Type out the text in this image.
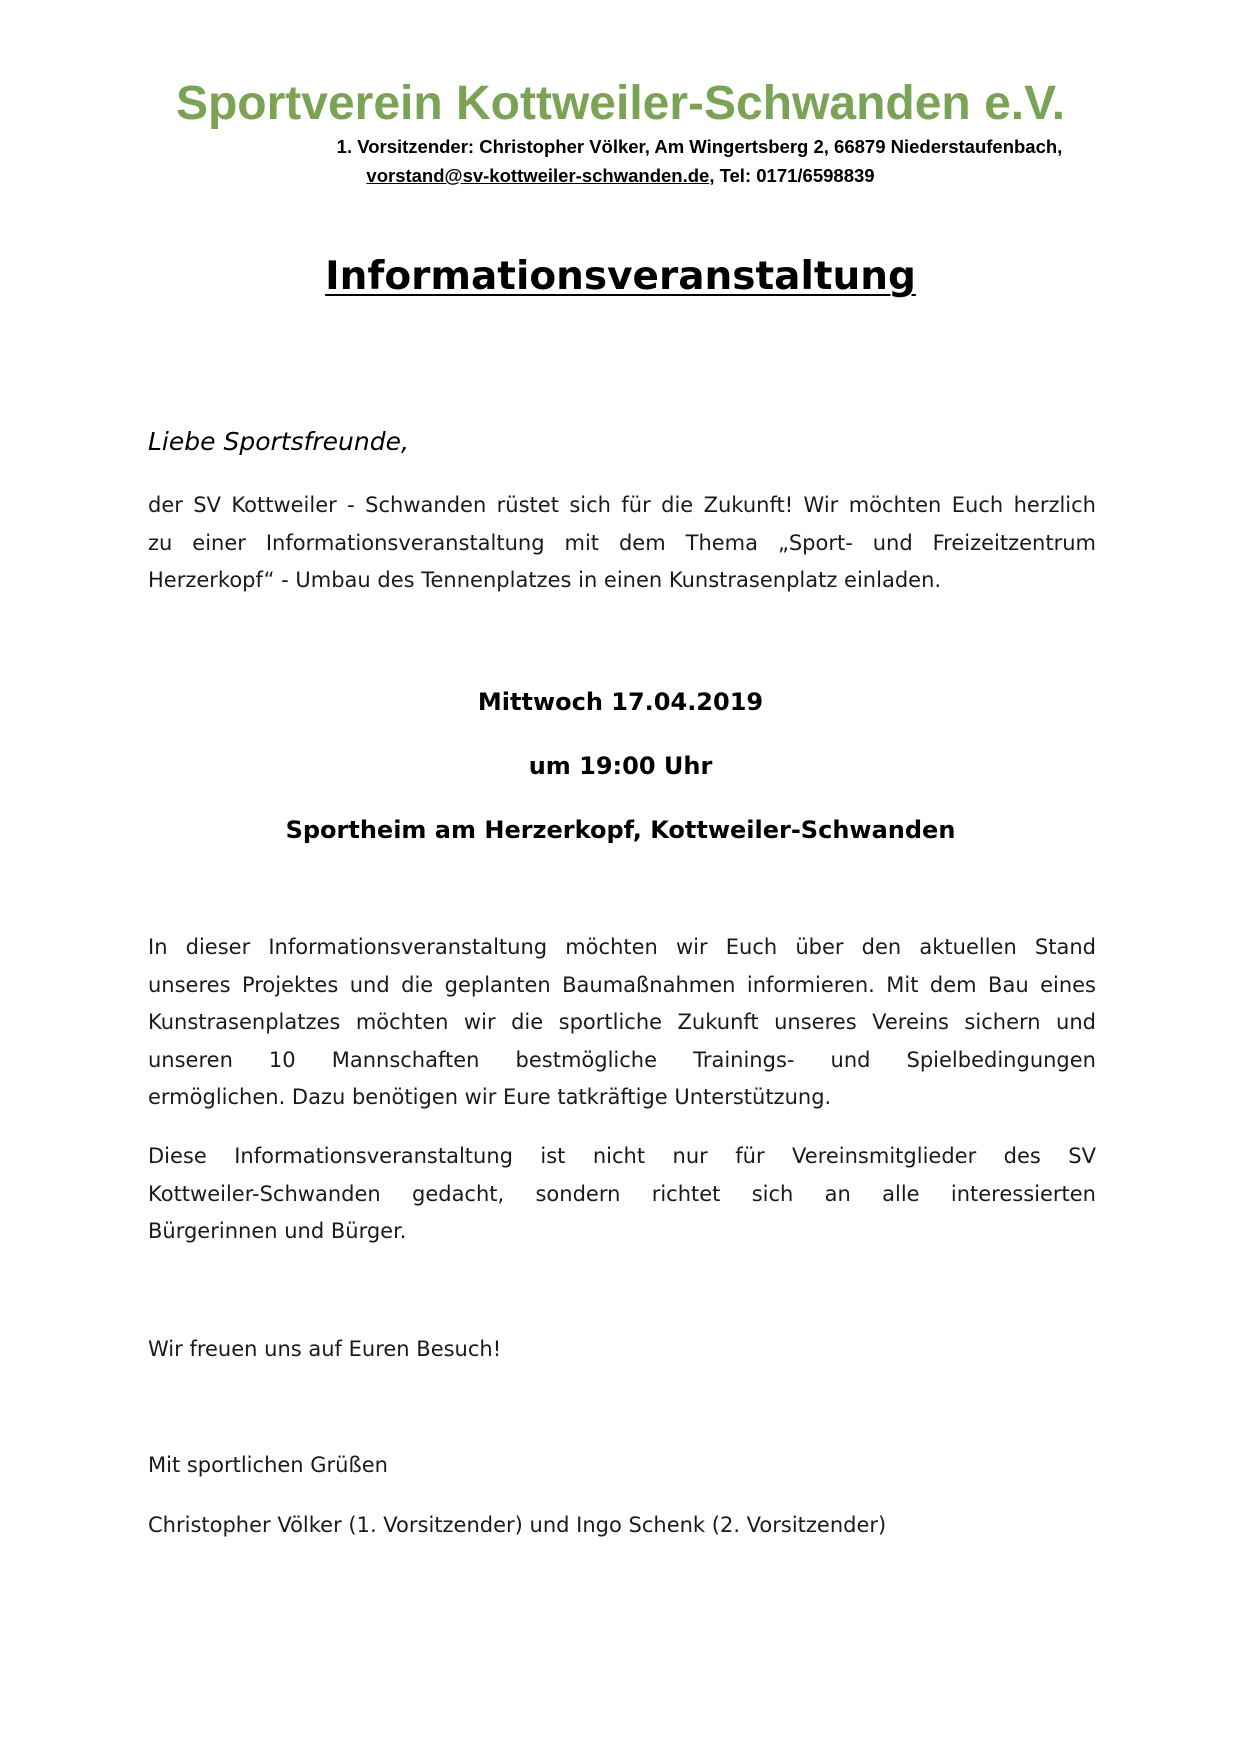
Sportverein Kottweiler-Schwanden e.V.
1. Vorsitzender: Christopher Völker, Am Wingertsberg 2, 66879 Niederstaufenbach,
vorstand@sv-kottweiler-schwanden.de, Tel: 0171/6598839
Informationsveranstaltung
Liebe Sportsfreunde,
der SV Kottweiler - Schwanden rüstet sich für die Zukunft! Wir möchten Euch herzlich
zu einer Informationsveranstaltung mit dem Thema „Sport- und Freizeitzentrum
Herzerkopf“ - Umbau des Tennenplatzes in einen Kunstrasenplatz einladen.
Mittwoch 17.04.2019
um 19:00 Uhr
Sportheim am Herzerkopf, Kottweiler-Schwanden
In dieser Informationsveranstaltung möchten wir Euch über den aktuellen Stand
unseres Projektes und die geplanten Baumaßnahmen informieren. Mit dem Bau eines
Kunstrasenplatzes möchten wir die sportliche Zukunft unseres Vereins sichern und
unseren 10 Mannschaften bestmögliche Trainings- und Spielbedingungen
ermöglichen. Dazu benötigen wir Eure tatkräftige Unterstützung.
Diese Informationsveranstaltung ist nicht nur für Vereinsmitglieder des SV
Kottweiler-Schwanden gedacht, sondern richtet sich an alle interessierten
Bürgerinnen und Bürger.
Wir freuen uns auf Euren Besuch!
Mit sportlichen Grüßen
Christopher Völker (1. Vorsitzender) und Ingo Schenk (2. Vorsitzender)
